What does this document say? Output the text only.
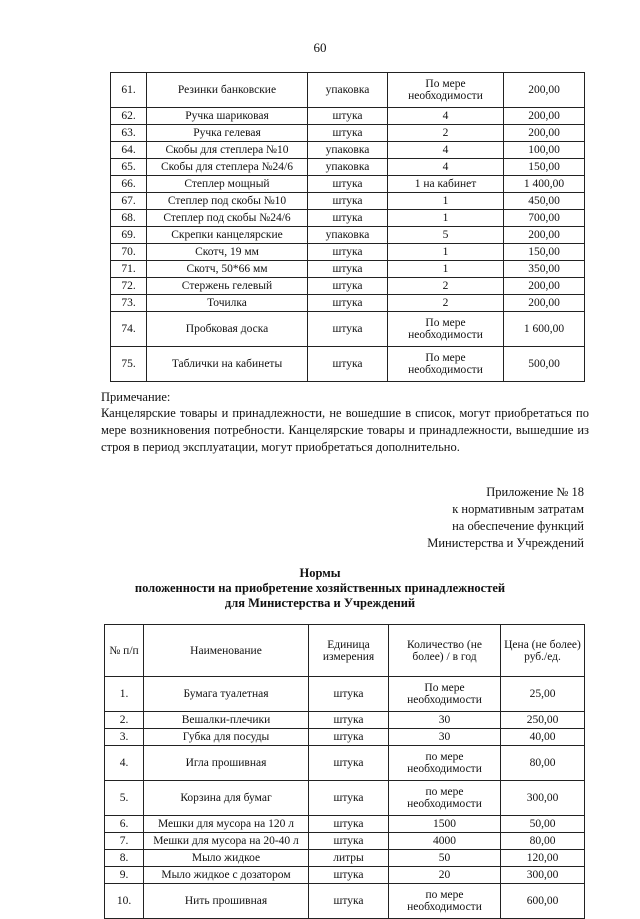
60
61.	Резинки банковские	упаковка	По мере необходимости	200,00
62.	Ручка шариковая	штука	4	200,00
63.	Ручка гелевая	штука	2	200,00
64.	Скобы для степлера №10	упаковка	4	100,00
65.	Скобы для степлера №24/6	упаковка	4	150,00
66.	Степлер мощный	штука	1 на кабинет	1 400,00
67.	Степлер под скобы №10	штука	1	450,00
68.	Степлер под скобы №24/6	штука	1	700,00
69.	Скрепки канцелярские	упаковка	5	200,00
70.	Скотч, 19 мм	штука	1	150,00
71.	Скотч, 50*66 мм	штука	1	350,00
72.	Стержень гелевый	штука	2	200,00
73.	Точилка	штука	2	200,00
74.	Пробковая доска	штука	По мере необходимости	1 600,00
75.	Таблички на кабинеты	штука	По мере необходимости	500,00
Примечание:
Канцелярские товары и принадлежности, не вошедшие в список, могут приобретаться по мере возникновения потребности. Канцелярские товары и принадлежности, вышедшие из строя в период эксплуатации, могут приобретаться дополнительно.
Приложение № 18
к нормативным затратам
на обеспечение функций
Министерства и Учреждений
Нормы
положенности на приобретение хозяйственных принадлежностей
для Министерства и Учреждений
№ п/п	Наименование	Единица измерения	Количество (не более) / в год	Цена (не более) руб./ед.
1.	Бумага туалетная	штука	По мере необходимости	25,00
2.	Вешалки-плечики	штука	30	250,00
3.	Губка для посуды	штука	30	40,00
4.	Игла прошивная	штука	по мере необходимости	80,00
5.	Корзина для бумаг	штука	по мере необходимости	300,00
6.	Мешки для мусора на 120 л	штука	1500	50,00
7.	Мешки для мусора на 20-40 л	штука	4000	80,00
8.	Мыло жидкое	литры	50	120,00
9.	Мыло жидкое с дозатором	штука	20	300,00
10.	Нить прошивная	штука	по мере необходимости	600,00
